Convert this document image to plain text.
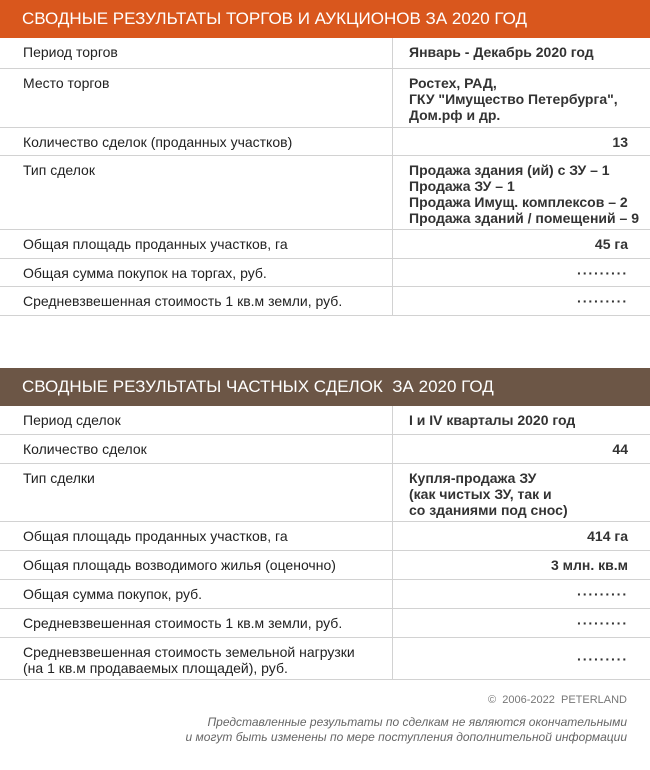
СВОДНЫЕ РЕЗУЛЬТАТЫ ТОРГОВ И АУКЦИОНОВ ЗА 2020 ГОД
Период торгов	Январь - Декабрь 2020 год
Место торгов	Ростех, РАД,
ГКУ "Имущество Петербурга",
Дом.рф и др.

Количество сделок (проданных участков)	13
Тип сделок	Продажа здания (ий) с ЗУ – 1
Продажа ЗУ – 1
Продажа Имущ. комплексов – 2
Продажа зданий / помещений – 9

Общая площадь проданных участков, га	45 га
Общая сумма покупок на торгах, руб.	·········
Средневзвешенная стоимость 1 кв.м земли, руб.	·········
СВОДНЫЕ РЕЗУЛЬТАТЫ ЧАСТНЫХ СДЕЛОК  ЗА 2020 ГОД
Период сделок	I и IV кварталы 2020 год
Количество сделок	44
Тип сделки	Купля-продажа ЗУ
(как чистых ЗУ, так и
со зданиями под снос)

Общая площадь проданных участков, га	414 га
Общая площадь возводимого жилья (оценочно)	3 млн. кв.м
Общая сумма покупок, руб.	·········
Средневзвешенная стоимость 1 кв.м земли, руб.	·········

Средневзвешенная стоимость земельной нагрузки
(на 1 кв.м продаваемых площадей), руб.	·········
©  2006-2022  PETERLAND
Представленные результаты по сделкам не являются окончательными
и могут быть изменены по мере поступления дополнительной информации
